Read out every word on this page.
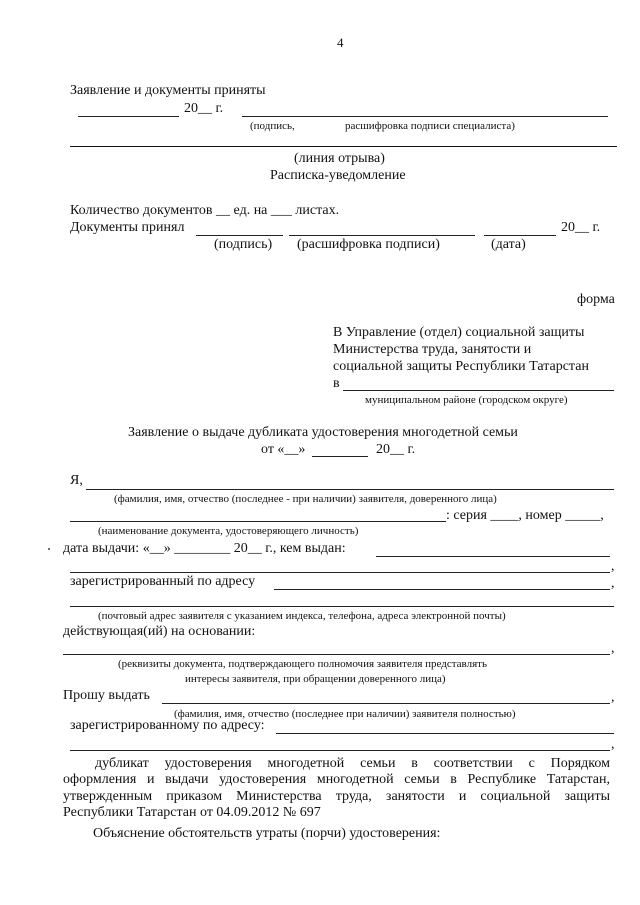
4
Заявление и документы приняты
20__ г.
(подпись,	расшифровка подписи специалиста)
(линия отрыва)
Расписка-уведомление
Количество документов __ ед. на ___ листах.
Документы принял	20__ г.
(подпись) (расшифровка подписи)	(дата)
форма
В Управление (отдел) социальной защиты
Министерства труда, занятости и
социальной защиты Республики Татарстан
в
муниципальном районе (городском округе)
Заявление о выдаче дубликата удостоверения многодетной семьи
от «__»	20__ г.
Я,
(фамилия, имя, отчество (последнее - при наличии) заявителя, доверенного лица)
: серия ____, номер _____,
(наименование документа, удостоверяющего личность)
дата выдачи: «__» ________ 20__ г., кем выдан:
,
зарегистрированный по адресу	,
(почтовый адрес заявителя с указанием индекса, телефона, адреса электронной почты)
действующая(ий) на основании:
,
(реквизиты документа, подтверждающего полномочия заявителя представлять
интересы заявителя, при обращении доверенного лица)
Прошу выдать	,
(фамилия, имя, отчество (последнее при наличии) заявителя полностью)
зарегистрированному по адресу:
,
дубликат удостоверения многодетной семьи в соответствии с Порядком
оформления и выдачи удостоверения многодетной семьи в Республике Татарстан,
утвержденным приказом Министерства труда, занятости и социальной защиты
Республики Татарстан от 04.09.2012 № 697
Объяснение обстоятельств утраты (порчи) удостоверения:
